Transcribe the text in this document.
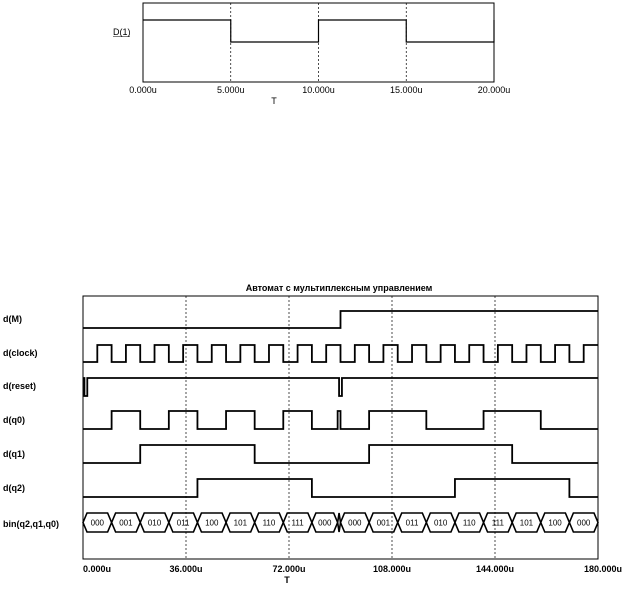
D(1)
0.000u	5.000u	10.000u	15.000u	20.000u
T
Автомат с мультиплексным управлением
000 001 010 011 100 101 110 111 000 000 001 011 010 110 111 101 100 000
d(M)
d(clock)
d(reset)
d(q0)
d(q1)
d(q2)
bin(q2,q1,q0)
0.000u	36.000u	72.000u	108.000u	144.000u	180.000u
T
